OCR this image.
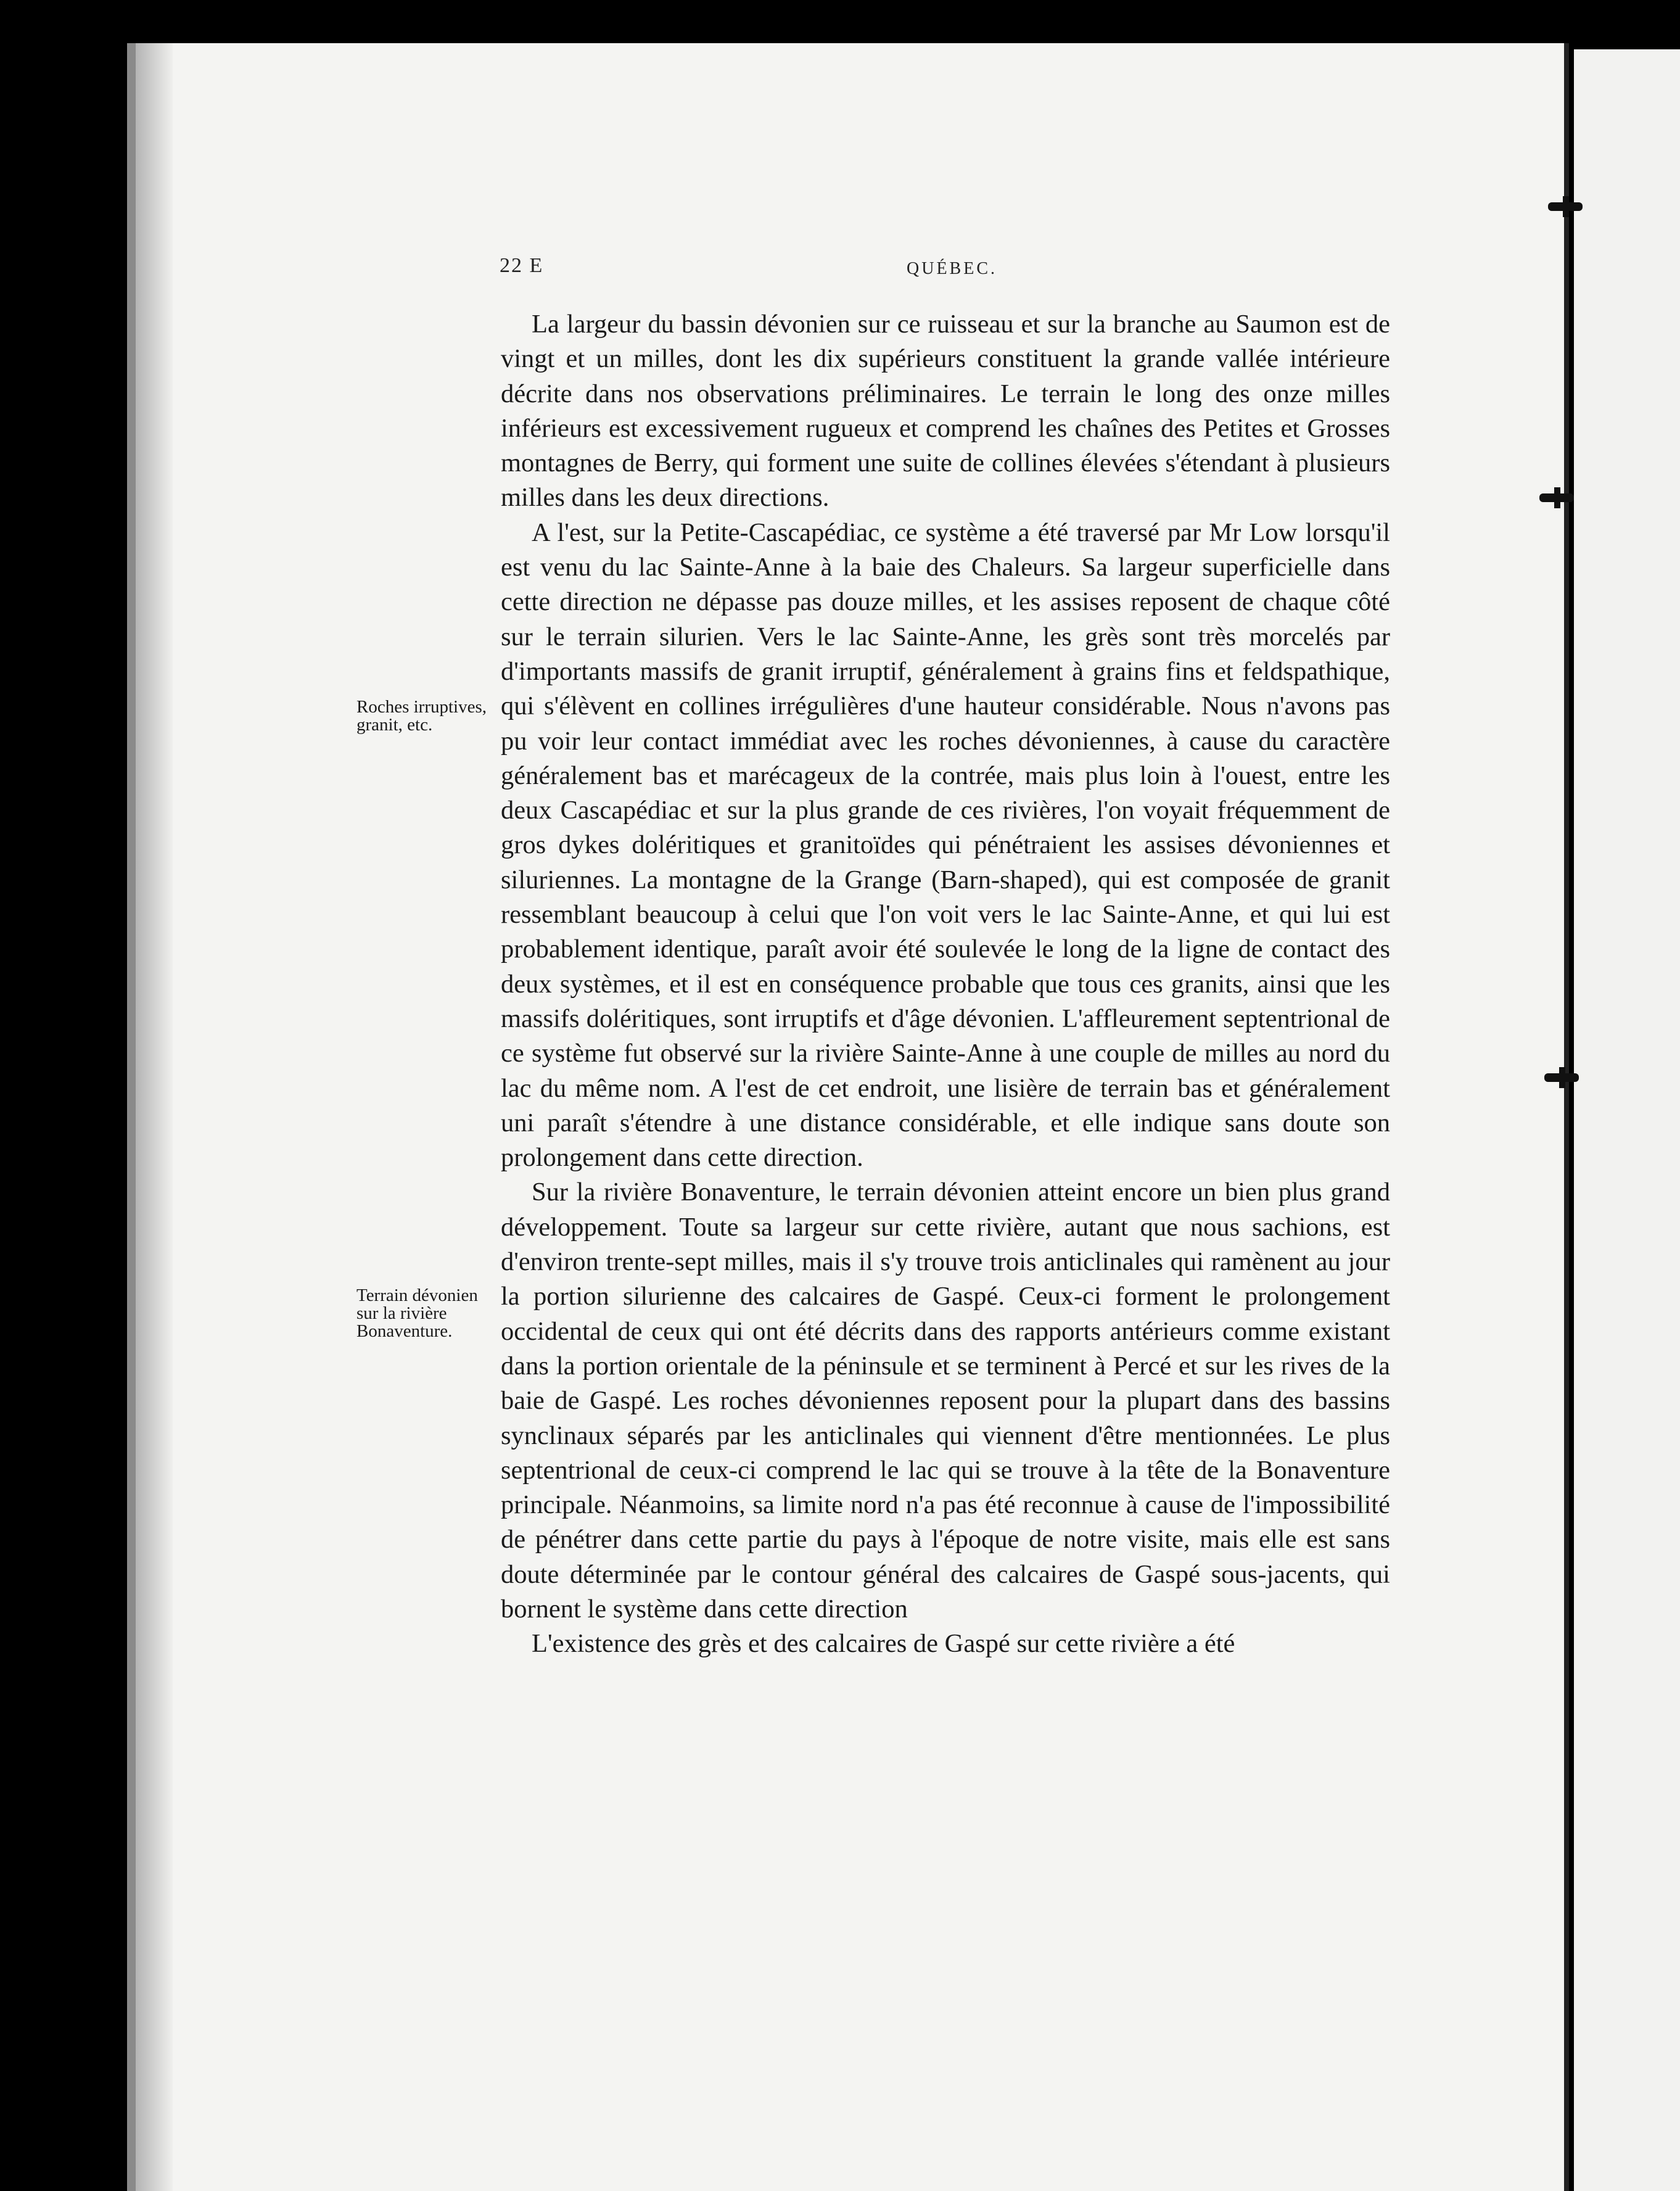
22 E	QUÉBEC.
Roches irruptives, granit, etc.
Terrain dévonien sur la rivière Bonaventure.

La largeur du bassin dévonien sur ce ruisseau et sur la branche au Saumon est de vingt et un milles, dont les dix supérieurs constituent la grande vallée intérieure décrite dans nos observations préliminaires. Le terrain le long des onze milles inférieurs est excessivement rugueux et comprend les chaînes des Petites et Grosses montagnes de Berry, qui forment une suite de collines élevées s'étendant à plusieurs milles dans les deux directions.

A l'est, sur la Petite-Cascapédiac, ce système a été traversé par Mr Low lorsqu'il est venu du lac Sainte-Anne à la baie des Chaleurs. Sa largeur superficielle dans cette direction ne dépasse pas douze milles, et les assises reposent de chaque côté sur le terrain silurien. Vers le lac Sainte-Anne, les grès sont très morcelés par d'importants massifs de granit irruptif, généralement à grains fins et feldspathique, qui s'élèvent en collines irrégulières d'une hauteur considérable. Nous n'avons pas pu voir leur contact immédiat avec les roches dévoniennes, à cause du caractère généralement bas et marécageux de la contrée, mais plus loin à l'ouest, entre les deux Cascapédiac et sur la plus grande de ces rivières, l'on voyait fréquemment de gros dykes doléritiques et granitoïdes qui pénétraient les assises dévoniennes et siluriennes. La montagne de la Grange (Barn-shaped), qui est composée de granit ressemblant beaucoup à celui que l'on voit vers le lac Sainte-Anne, et qui lui est probablement identique, paraît avoir été soulevée le long de la ligne de contact des deux systèmes, et il est en conséquence probable que tous ces granits, ainsi que les massifs doléritiques, sont irruptifs et d'âge dévonien. L'affleurement septentrional de ce système fut observé sur la rivière Sainte-Anne à une couple de milles au nord du lac du même nom. A l'est de cet endroit, une lisière de terrain bas et généralement uni paraît s'étendre à une distance considérable, et elle indique sans doute son prolongement dans cette direction.

Sur la rivière Bonaventure, le terrain dévonien atteint encore un bien plus grand développement. Toute sa largeur sur cette rivière, autant que nous sachions, est d'environ trente-sept milles, mais il s'y trouve trois anticlinales qui ramènent au jour la portion silurienne des calcaires de Gaspé. Ceux-ci forment le prolongement occidental de ceux qui ont été décrits dans des rapports antérieurs comme existant dans la portion orientale de la péninsule et se terminent à Percé et sur les rives de la baie de Gaspé. Les roches dévoniennes reposent pour la plupart dans des bassins synclinaux séparés par les anticlinales qui viennent d'être mentionnées. Le plus septentrional de ceux-ci comprend le lac qui se trouve à la tête de la Bonaventure principale. Néanmoins, sa limite nord n'a pas été reconnue à cause de l'impossibilité de pénétrer dans cette partie du pays à l'époque de notre visite, mais elle est sans doute déterminée par le contour général des calcaires de Gaspé sous-jacents, qui bornent le système dans cette direction

L'existence des grès et des calcaires de Gaspé sur cette rivière a été
